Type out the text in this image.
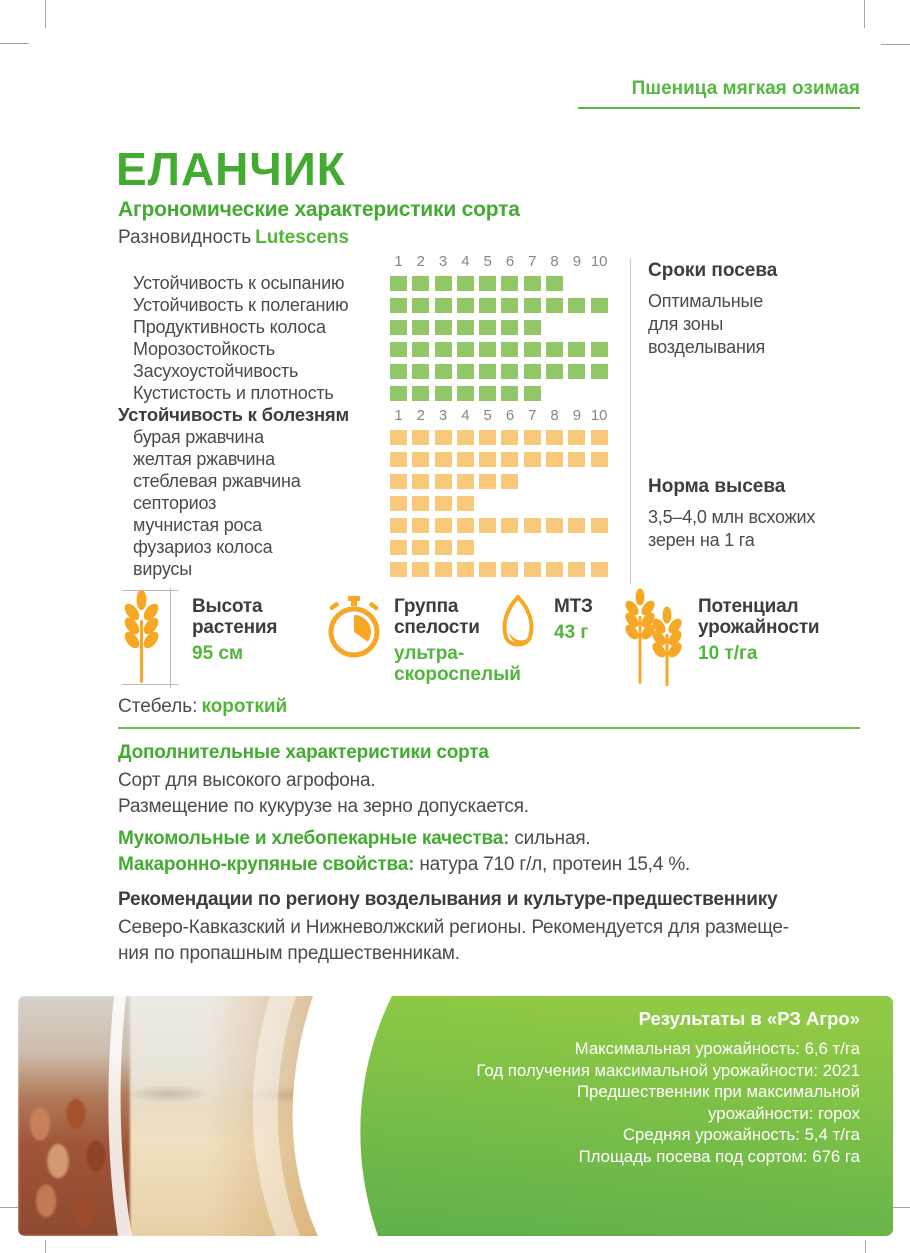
Пшеница мягкая озимая
ЕЛАНЧИК
Агрономические характеристики сорта
Разновидность Lutescens
1 2 3 4 5 6 7 8 9 10
Устойчивость к осыпанию
Устойчивость к полеганию
Продуктивность колоса
Морозостойкость
Засухоустойчивость
Кустистость и плотность
Устойчивость к болезням	1 2 3 4 5 6 7 8 9 10
бурая ржавчина
желтая ржавчина
стеблевая ржавчина
септориоз
мучнистая роса
фузариоз колоса
вирусы
Сроки посева
Оптимальные
для зоны
возделывания
Норма высева
3,5–4,0 млн всхожих
зерен на 1 га
Высота растения
95 см
Группа спелости
ультра-скороспелый
МТЗ
43 г
Потенциал урожайности
10 т/га
Стебель: короткий
Дополнительные характеристики сорта
Сорт для высокого агрофона.
Размещение по кукурузе на зерно допускается.
Мукомольные и хлебопекарные качества: сильная.
Макаронно-крупяные свойства: натура 710 г/л, протеин 15,4 %.
Рекомендации по региону возделывания и культуре-предшественнику
Северо-Кавказский и Нижневолжский регионы. Рекомендуется для размеще-
ния по пропашным предшественникам.
Результаты в «РЗ Агро»
Максимальная урожайность: 6,6 т/га
Год получения максимальной урожайности: 2021
Предшественник при максимальной
урожайности: горох
Средняя урожайность: 5,4 т/га
Площадь посева под сортом: 676 га
